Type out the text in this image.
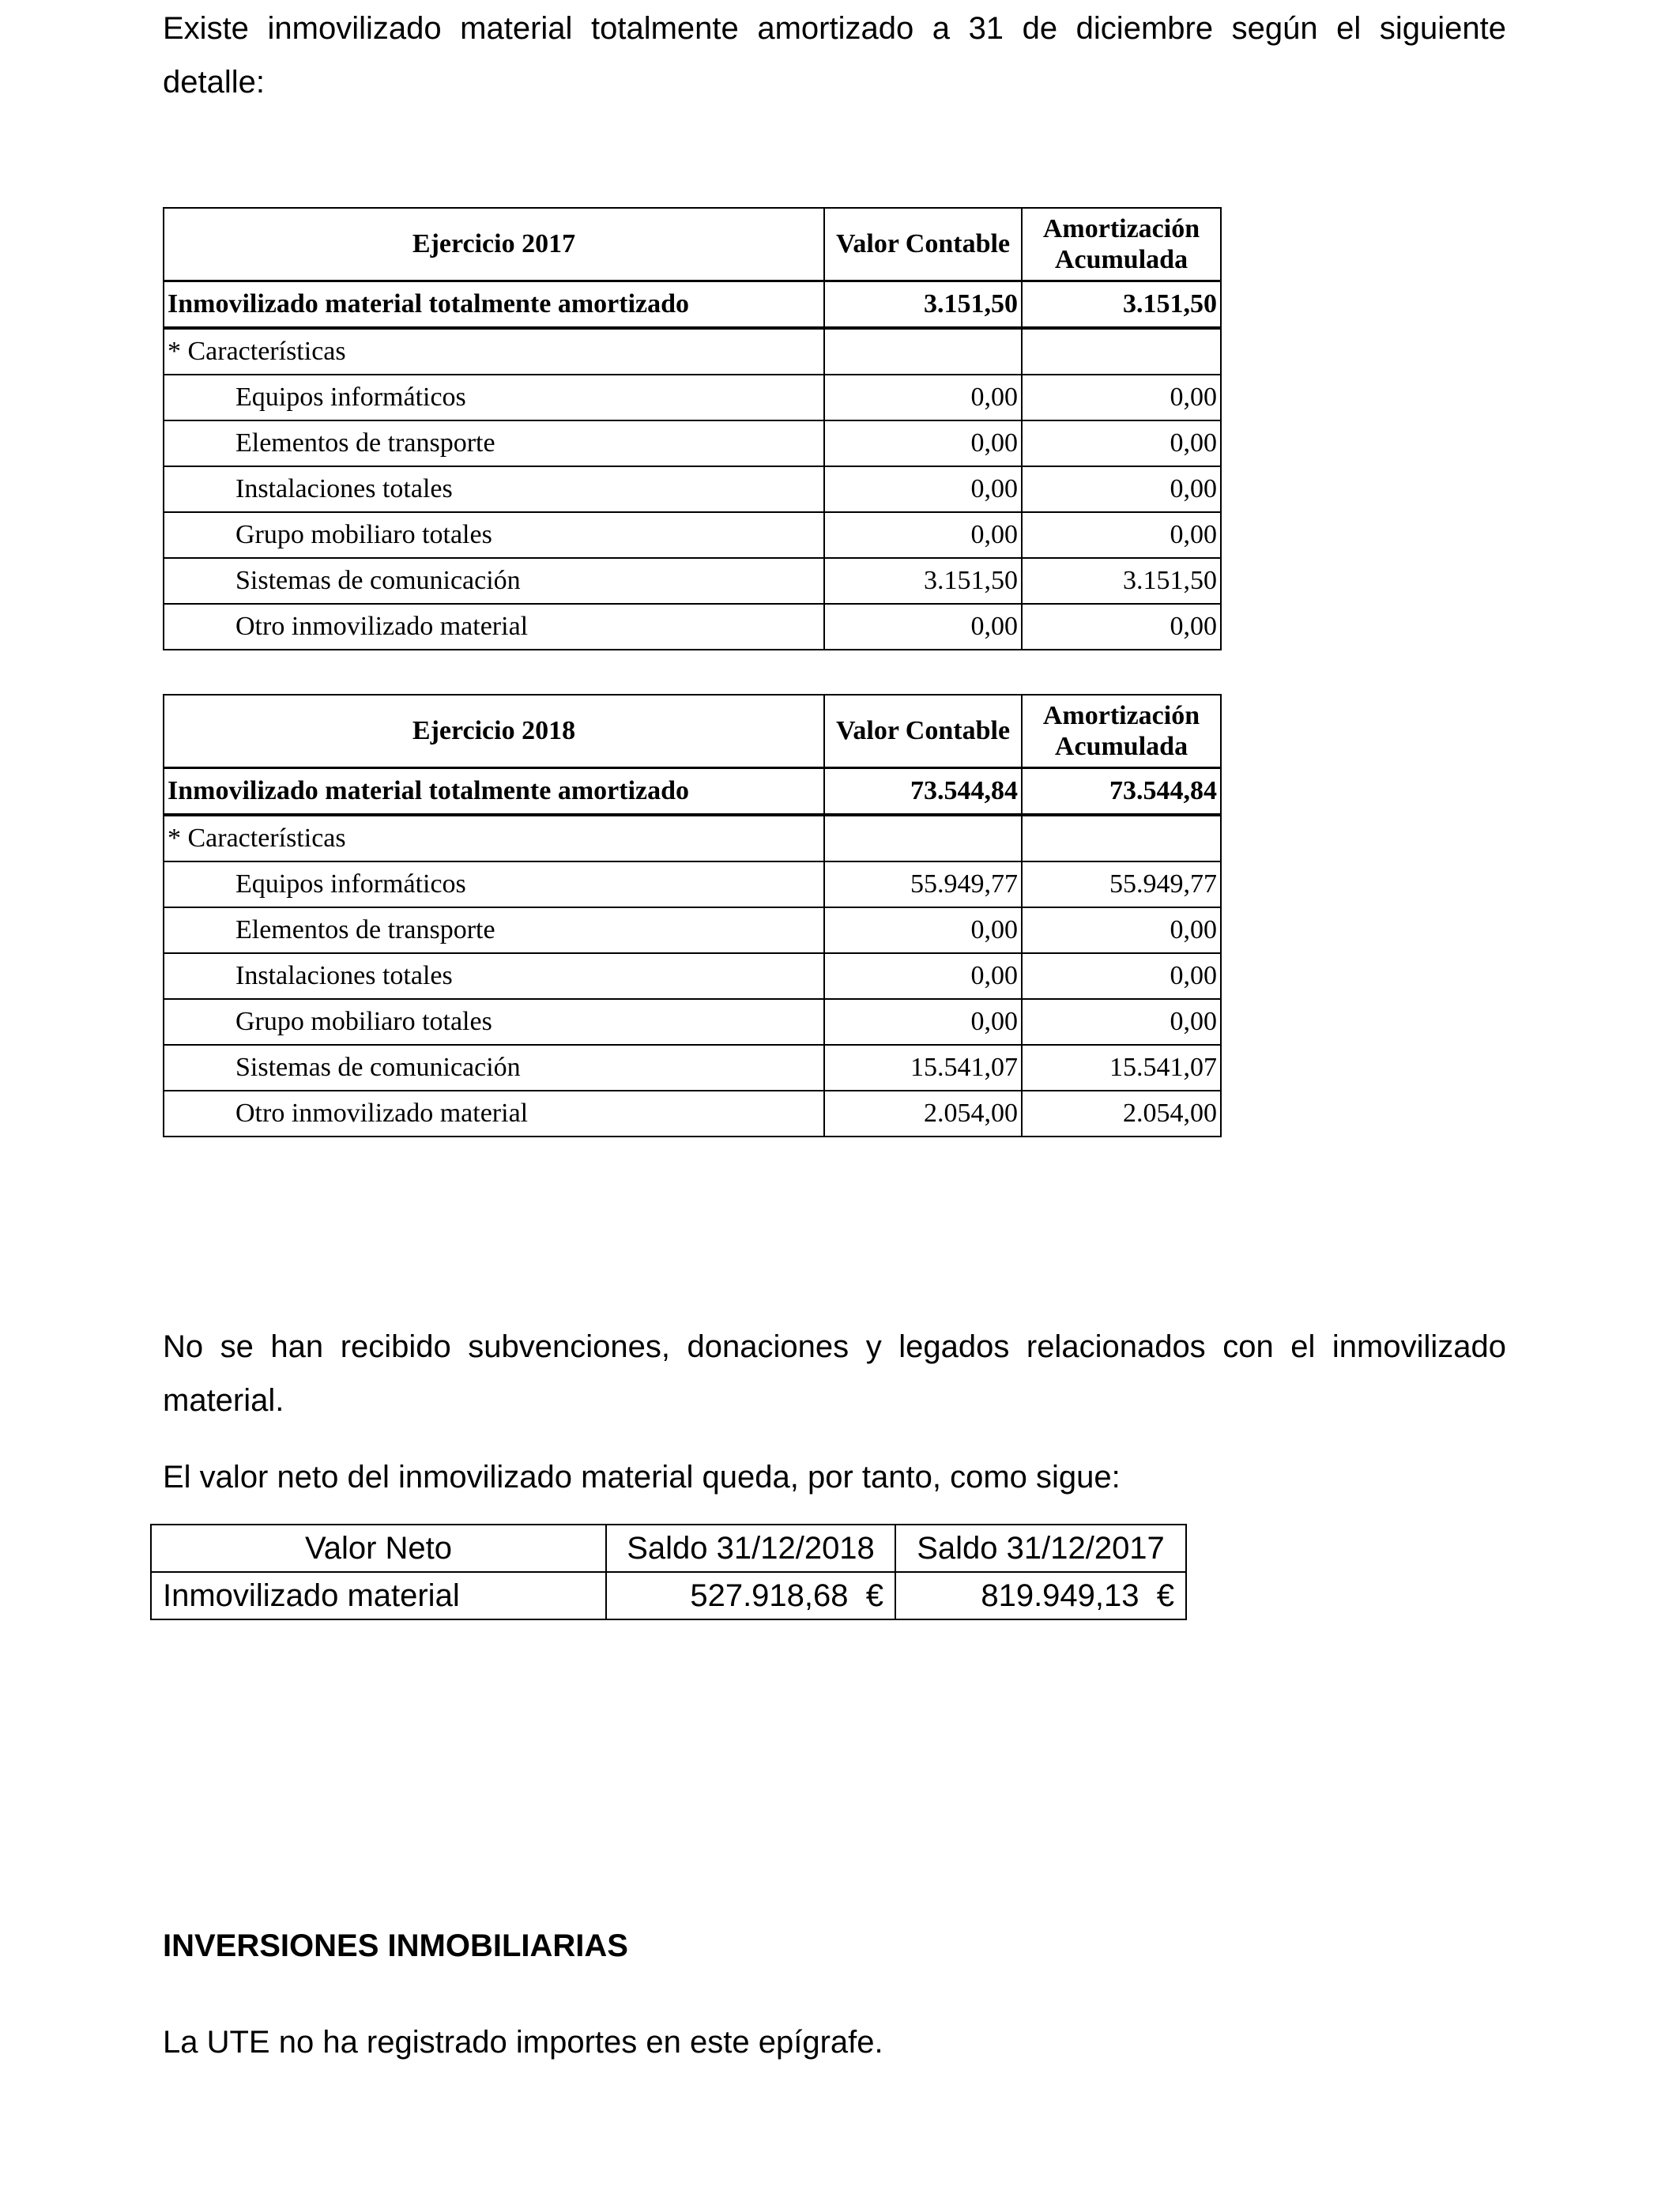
Existe inmovilizado material totalmente amortizado a 31 de diciembre según el siguiente detalle:

Ejercicio 2017	Valor Contable	Amortización Acumulada
Inmovilizado material totalmente amortizado	3.151,50	3.151,50
* Características		
Equipos informáticos	0,00	0,00
Elementos de transporte	0,00	0,00
Instalaciones totales	0,00	0,00
Grupo mobiliaro totales	0,00	0,00
Sistemas de comunicación	3.151,50	3.151,50
Otro inmovilizado material	0,00	0,00
Ejercicio 2018	Valor Contable	Amortización Acumulada
Inmovilizado material totalmente amortizado	73.544,84	73.544,84
* Características		
Equipos informáticos	55.949,77	55.949,77
Elementos de transporte	0,00	0,00
Instalaciones totales	0,00	0,00
Grupo mobiliaro totales	0,00	0,00
Sistemas de comunicación	15.541,07	15.541,07
Otro inmovilizado material	2.054,00	2.054,00

No se han recibido subvenciones, donaciones y legados relacionados con el inmovilizado material.

El valor neto del inmovilizado material queda, por tanto, como sigue:

Valor Neto	Saldo 31/12/2018	Saldo 31/12/2017
Inmovilizado material	527.918,68  €	819.949,13  €
INVERSIONES INMOBILIARIAS

La UTE no ha registrado importes en este epígrafe.
